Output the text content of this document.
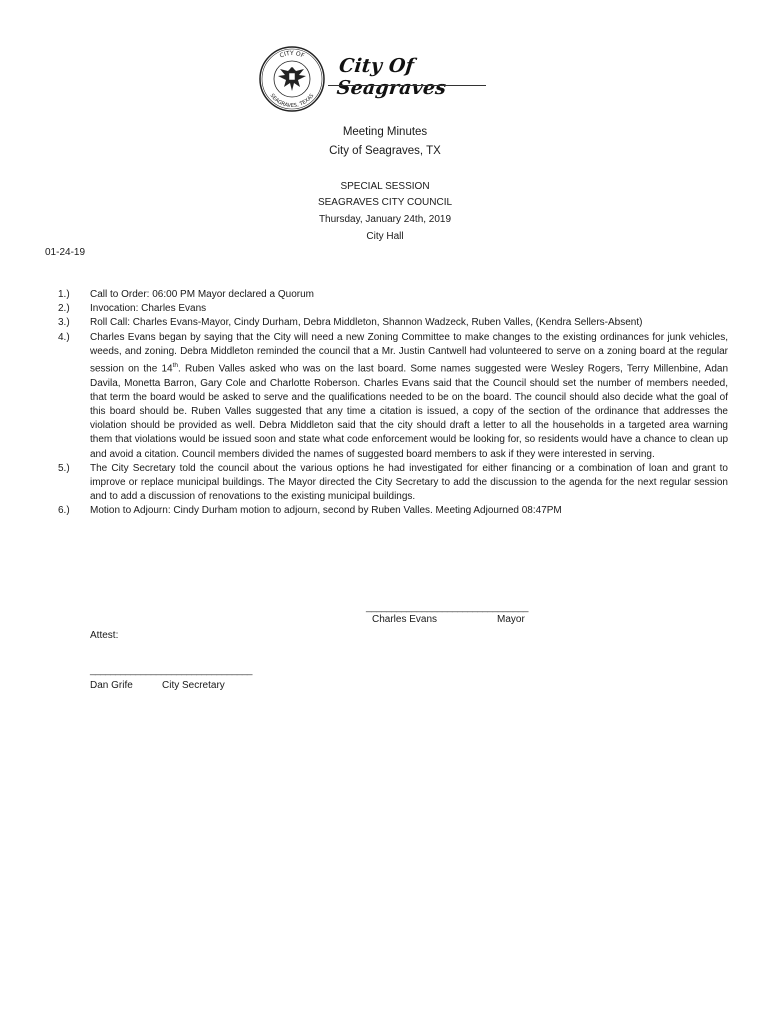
CITY OF
SEAGRAVES, TEXAS
City Of Seagraves
Meeting Minutes
City of Seagraves, TX
SPECIAL SESSION
SEAGRAVES CITY COUNCIL
Thursday, January 24th, 2019
City Hall
01-24-19
1.)	Call to Order: 06:00 PM Mayor declared a Quorum
2.)	Invocation: Charles Evans
3.)	Roll Call: Charles Evans-Mayor, Cindy Durham, Debra Middleton, Shannon Wadzeck, Ruben Valles, (Kendra Sellers-Absent)
4.)	Charles Evans began by saying that the City will need a new Zoning Committee to make changes to the existing ordinances for junk vehicles, weeds, and zoning. Debra Middleton reminded the council that a Mr. Justin Cantwell had volunteered to serve on a zoning board at the regular session on the 14th. Ruben Valles asked who was on the last board. Some names suggested were Wesley Rogers, Terry Millenbine, Adan Davila, Monetta Barron, Gary Cole and Charlotte Roberson. Charles Evans said that the Council should set the number of members needed, that term the board would be asked to serve and the qualifications needed to be on the board. The council should also decide what the goal of this board should be. Ruben Valles suggested that any time a citation is issued, a copy of the section of the ordinance that addresses the violation should be provided as well. Debra Middleton said that the city should draft a letter to all the households in a targeted area warning them that violations would be issued soon and state what code enforcement would be looking for, so residents would have a chance to clean up and avoid a citation. Council members divided the names of suggested board members to ask if they were interested in serving.
5.)	The City Secretary told the council about the various options he had investigated for either financing or a combination of loan and grant to improve or replace municipal buildings. The Mayor directed the City Secretary to add the discussion to the agenda for the next regular session and to add a discussion of renovations to the existing municipal buildings.
6.)	Motion to Adjourn: Cindy Durham motion to adjourn, second by Ruben Valles. Meeting Adjourned 08:47PM
________________________________
Charles Evans	Mayor
Attest:
________________________________
Dan Grife	City Secretary
